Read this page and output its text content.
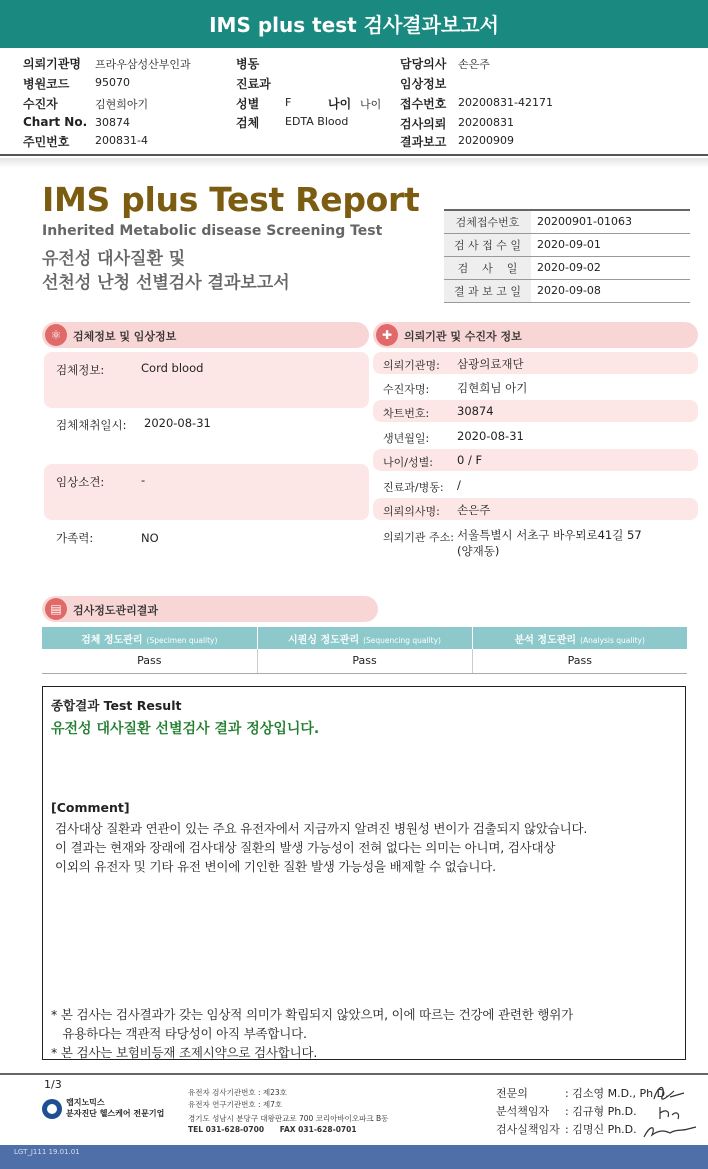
IMS plus test 검사결과보고서
의뢰기관명 프라우삼성산부인과
병원코드 95070
수진자	김현희아기
Chart No. 30874
주민번호 200831-4
병동
진료과
성별 F	나이 나이
검체 EDTA Blood
담당의사 손은주
임상정보
접수번호 20200831-42171
검사의뢰 20200831
결과보고 20200909
IMS plus Test Report
Inherited Metabolic disease Screening Test
유전성 대사질환 및
선천성 난청 선별검사 결과보고서
검체접수번호	20200901-01063
검 사 접 수 일	2020-09-01
검    사    일	2020-09-02
결 과 보 고 일	2020-09-08
⚛	검체정보 및 임상정보
검체정보:	Cord blood
검체채취일시: 2020-08-31
임상소견:	-
가족력:	NO
✚	의뢰기관 및 수진자 정보
의뢰기관명: 삼광의료재단
수진자명: 김현희님 아기
차트번호: 30874
생년월일: 2020-08-31
나이/성별: 0 / F
진료과/병동: /
의뢰의사명: 손은주
의뢰기관 주소: 서울특별시 서초구 바우뫼로41길 57
(양재동)
▤	검사정도관리결과
검체 정도관리 (Specimen quality)	시퀀싱 정도관리 (Sequencing quality)	분석 정도관리 (Analysis quality)
Pass	Pass	Pass
종합결과 Test Result
유전성 대사질환 선별검사 결과 정상입니다.
[Comment]
검사대상 질환과 연관이 있는 주요 유전자에서 지금까지 알려진 병원성 변이가 검출되지 않았습니다.
이 결과는 현재와 장래에 검사대상 질환의 발생 가능성이 전혀 없다는 의미는 아니며, 검사대상
이외의 유전자 및 기타 유전 변이에 기인한 질환 발생 가능성을 배제할 수 없습니다.
* 본 검사는 검사결과가 갖는 임상적 의미가 확립되지 않았으며, 이에 따르는 건강에 관련한 행위가
유용하다는 객관적 타당성이 아직 부족합니다.
* 본 검사는 보험비등재 조제시약으로 검사합니다.
1/3
랩지노믹스
분자진단 헬스케어 전문기업
유전자 검사기관번호 : 제23호
유전자 연구기관번호 : 제7호
경기도 성남시 분당구 대왕판교로 700 코리아바이오파크 B동
TEL 031-628-0700      FAX 031-628-0701
전문의	: 김소영 M.D., Ph.D.
분석책임자 : 김규형 Ph.D.
검사실책임자 : 김명신 Ph.D.
LGT_J111 19.01.01
